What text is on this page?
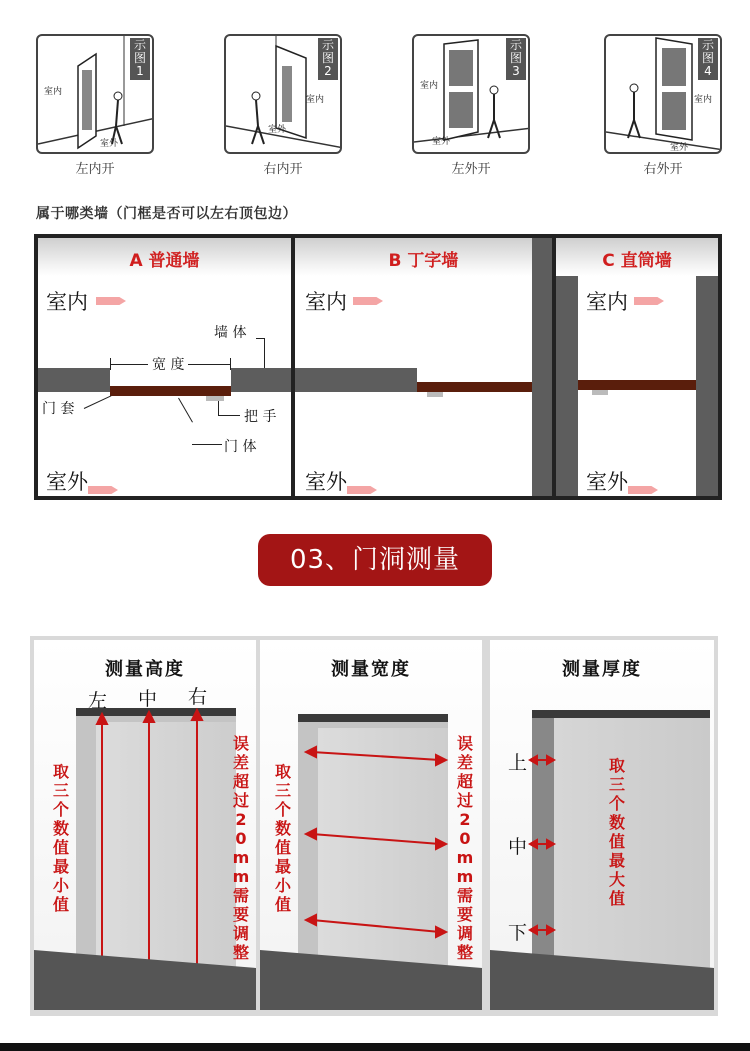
示
图
1
室内
室外
左内开
示
图
2
室内
室外
右内开
示
图
3
室内
室外
左外开
示
图
4
室内
室外
右外开
属于哪类墙（门框是否可以左右顶包边）
A 普通墙
室内
宽 度
墙 体
门 套	把 手
门 体
室外
B 丁字墙
室内
室外
C 直筒墙
室内
室外
03、门洞测量
测量高度
左 中 右
取
三
个
数
值
最
小
值
误
差
超
过
2
0
m
m
需
要
调
整
测量宽度
取
三
个
数
值
最
小
值
误
差
超
过
2
0
m
m
需
要
调
整
测量厚度
上
中
下
取
三
个
数
值
最
大
值
